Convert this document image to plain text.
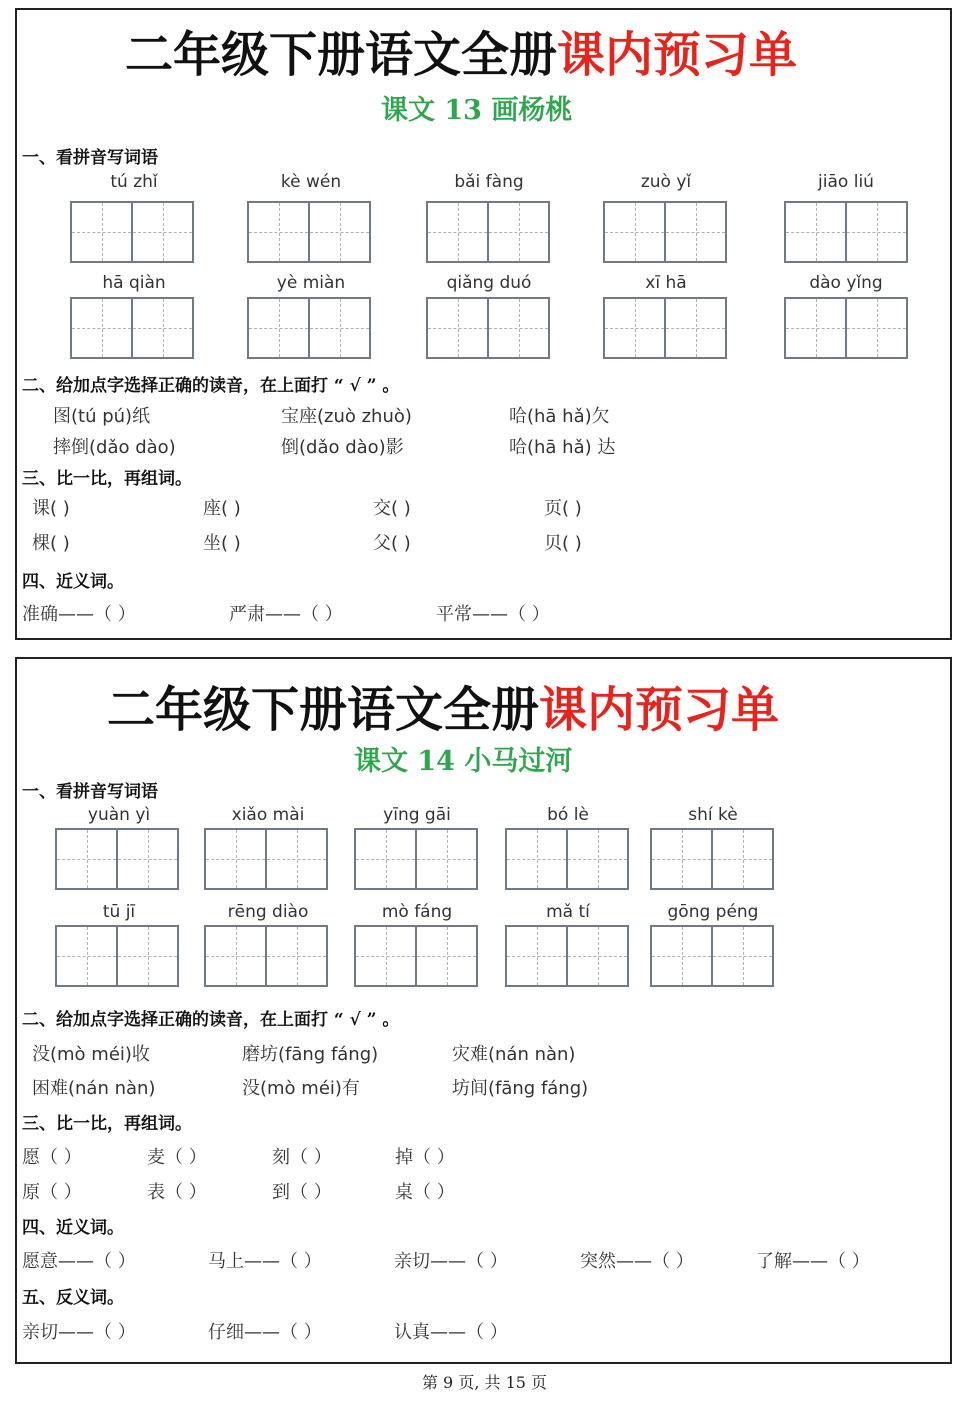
二年级下册语文全册课内预习单
课文 13 画杨桃
一、看拼音写词语
tú zhǐ	kè wén	bǎi fàng	zuò yǐ	jiāo liú
hā qiàn	yè miàn	qiǎng duó	xī hā	dào yǐng
二、给加点字选择正确的读音，在上面打 “ √ ” 。
图(tú pú)纸	宝座(zuò zhuò)	哈(hā hǎ)欠
摔倒(dǎo dào)	倒(dǎo dào)影	哈(hā hǎ) 达
三、比一比，再组词。
课( )	座( )	交( )	页( )
棵( )	坐( )	父( )	贝( )
四、近义词。
准确——（ ）	严肃——（ ）	平常——（ ）
二年级下册语文全册课内预习单
课文 14 小马过河
一、看拼音写词语
yuàn yì	xiǎo mài	yīng gāi	bó lè	shí kè
tū jī	rēng diào	mò fáng	mǎ tí	gōng péng
二、给加点字选择正确的读音，在上面打 “ √ ” 。
没(mò méi)收	磨坊(fāng fáng)	灾难(nán nàn)
困难(nán nàn)	没(mò méi)有	坊间(fāng fáng)
三、比一比，再组词。
愿（ ）	麦（ ）	刻（ ）	掉（ ）
原（ ）	表（ ）	到（ ）	桌（ ）
四、近义词。
愿意——（ ）	马上——（ ）	亲切——（ ）	突然——（ ）	了解——（ ）
五、反义词。
亲切——（ ）	仔细——（ ）	认真——（ ）
第 9 页, 共 15 页
